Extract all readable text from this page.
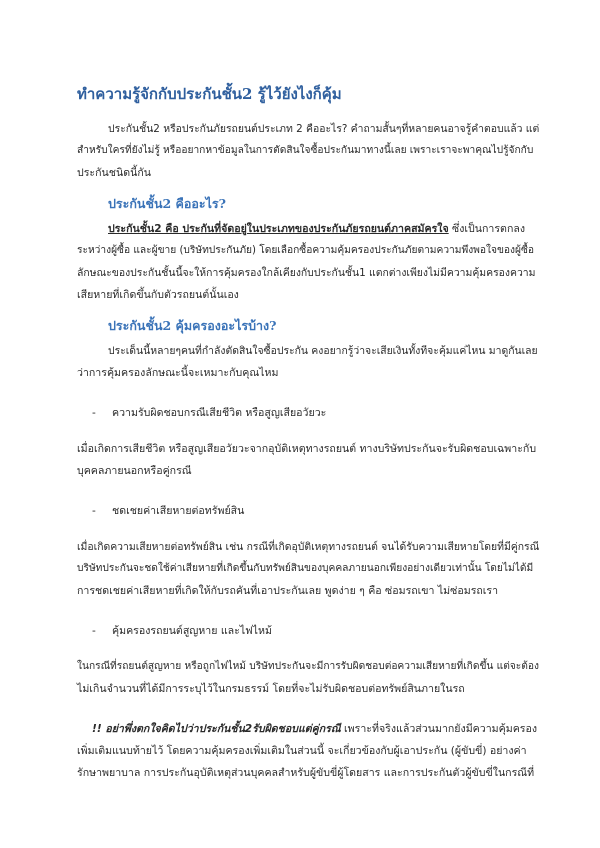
ทำความรู้จักกับประกันชั้น2 รู้ไว้ยังไงก็คุ้ม

ประกันชั้น2 หรือประกันภัยรถยนต์ประเภท 2 คืออะไร? คำถามสั้นๆที่หลายคนอาจรู้คำตอบแล้ว แต่

สำหรับใครที่ยังไม่รู้ หรืออยากหาข้อมูลในการตัดสินใจซื้อประกันมาทางนี้เลย เพราะเราจะพาคุณไปรู้จักกับ

ประกันชนิดนี้กัน

ประกันชั้น2 คืออะไร?

ประกันชั้น2 คือ ประกันที่จัดอยู่ในประเภทของประกันภัยรถยนต์ภาคสมัครใจ ซึ่งเป็นการตกลง

ระหว่างผู้ซื้อ และผู้ขาย (บริษัทประกันภัย) โดยเลือกซื้อความคุ้มครองประกันภัยตามความพึงพอใจของผู้ซื้อ

ลักษณะของประกันชั้นนี้จะให้การคุ้มครองใกล้เคียงกับประกันชั้น1 แตกต่างเพียงไม่มีความคุ้มครองความ

เสียหายที่เกิดขึ้นกับตัวรถยนต์นั้นเอง

ประกันชั้น2 คุ้มครองอะไรบ้าง?

ประเด็นนี้หลายๆคนที่กำลังตัดสินใจซื้อประกัน คงอยากรู้ว่าจะเสียเงินทั้งทีจะคุ้มแค่ไหน มาดูกันเลย

ว่าการคุ้มครองลักษณะนี้จะเหมาะกับคุณไหม

- ความรับผิดชอบกรณีเสียชีวิต หรือสูญเสียอวัยวะ

เมื่อเกิดการเสียชีวิต หรือสูญเสียอวัยวะจากอุบัติเหตุทางรถยนต์ ทางบริษัทประกันจะรับผิดชอบเฉพาะกับ

บุคคลภายนอกหรือคู่กรณี

- ชดเชยค่าเสียหายต่อทรัพย์สิน

เมื่อเกิดความเสียหายต่อทรัพย์สิน เช่น กรณีที่เกิดอุบัติเหตุทางรถยนต์ จนได้รับความเสียหายโดยที่มีคู่กรณี

บริษัทประกันจะชดใช้ค่าเสียหายที่เกิดขึ้นกับทรัพย์สินของบุคคลภายนอกเพียงอย่างเดียวเท่านั้น โดยไม่ได้มี

การชดเชยค่าเสียหายที่เกิดให้กับรถคันที่เอาประกันเลย พูดง่าย ๆ คือ ซ่อมรถเขา ไม่ซ่อมรถเรา

- คุ้มครองรถยนต์สูญหาย และไฟไหม้

ในกรณีที่รถยนต์สูญหาย หรือถูกไฟไหม้ บริษัทประกันจะมีการรับผิดชอบต่อความเสียหายที่เกิดขึ้น แต่จะต้อง

ไม่เกินจำนวนที่ได้มีการระบุไว้ในกรมธรรม์ โดยที่จะไม่รับผิดชอบต่อทรัพย์สินภายในรถ

!! อย่าพึ่งตกใจคิดไปว่าประกันชั้น2รับผิดชอบแต่คู่กรณี เพราะที่จริงแล้วส่วนมากยังมีความคุ้มครอง

เพิ่มเติมแนบท้ายไว้ โดยความคุ้มครองเพิ่มเติมในส่วนนี้ จะเกี่ยวข้องกับผู้เอาประกัน (ผู้ขับขี่) อย่างค่า

รักษาพยาบาล การประกันอุบัติเหตุส่วนบุคคลสำหรับผู้ขับขี่ผู้โดยสาร และการประกันตัวผู้ขับขี่ในกรณีที่
